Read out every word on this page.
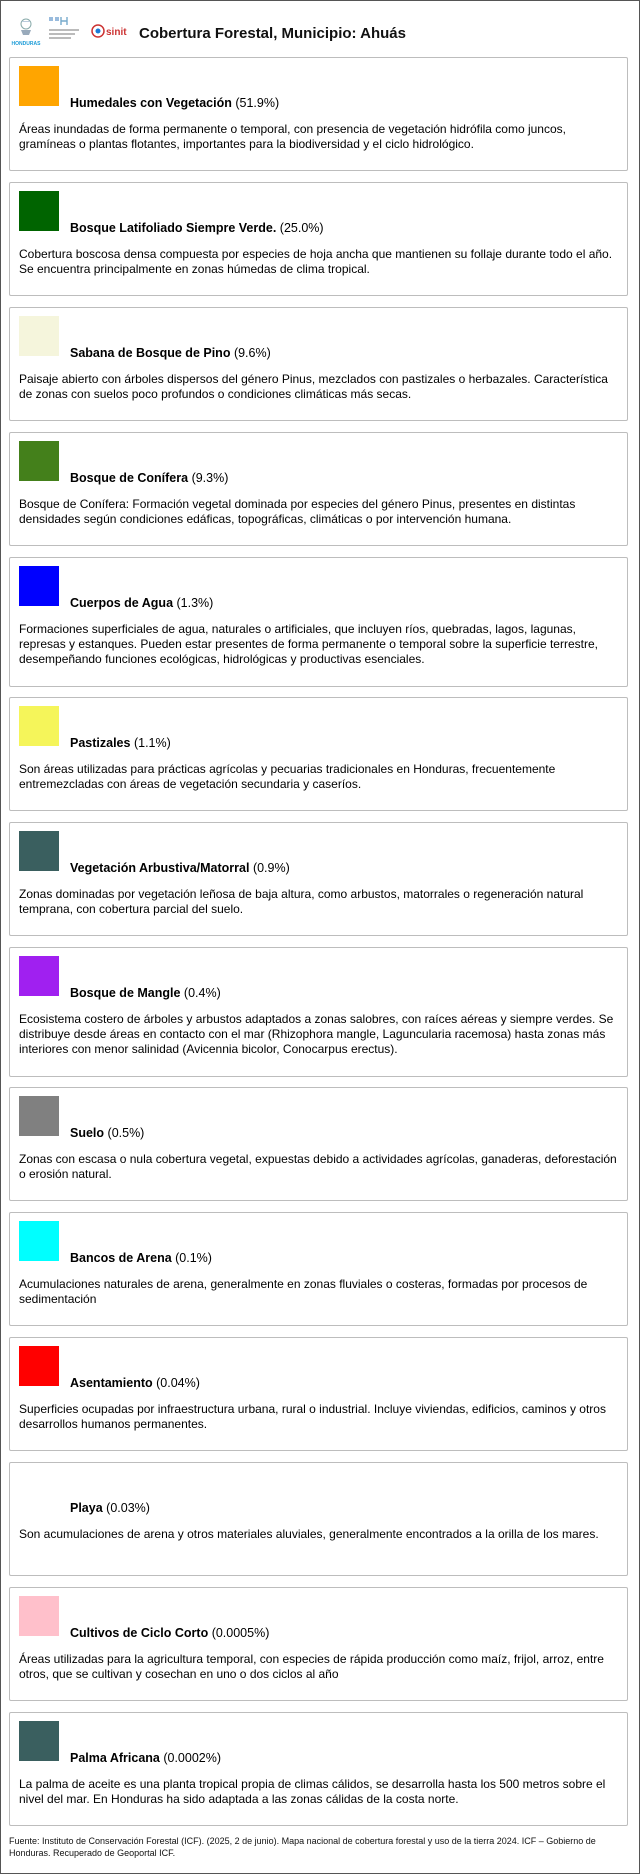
HONDURAS
sinit Cobertura Forestal, Municipio: Ahuás
Humedales con Vegetación (51.9%)
Áreas inundadas de forma permanente o temporal, con presencia de vegetación hidrófila como juncos, gramíneas o plantas flotantes, importantes para la biodiversidad y el ciclo hidrológico.
Bosque Latifoliado Siempre Verde. (25.0%)
Cobertura boscosa densa compuesta por especies de hoja ancha que mantienen su follaje durante todo el año. Se encuentra principalmente en zonas húmedas de clima tropical.
Sabana de Bosque de Pino (9.6%)
Paisaje abierto con árboles dispersos del género Pinus, mezclados con pastizales o herbazales. Característica de zonas con suelos poco profundos o condiciones climáticas más secas.
Bosque de Conífera (9.3%)
Bosque de Conífera: Formación vegetal dominada por especies del género Pinus, presentes en distintas densidades según condiciones edáficas, topográficas, climáticas o por intervención humana.
Cuerpos de Agua (1.3%)
Formaciones superficiales de agua, naturales o artificiales, que incluyen ríos, quebradas, lagos, lagunas, represas y estanques. Pueden estar presentes de forma permanente o temporal sobre la superficie terrestre, desempeñando funciones ecológicas, hidrológicas y productivas esenciales.
Pastizales (1.1%)
Son áreas utilizadas para prácticas agrícolas y pecuarias tradicionales en Honduras, frecuentemente entremezcladas con áreas de vegetación secundaria y caseríos.
Vegetación Arbustiva/Matorral (0.9%)
Zonas dominadas por vegetación leñosa de baja altura, como arbustos, matorrales o regeneración natural temprana, con cobertura parcial del suelo.
Bosque de Mangle (0.4%)
Ecosistema costero de árboles y arbustos adaptados a zonas salobres, con raíces aéreas y siempre verdes. Se distribuye desde áreas en contacto con el mar (Rhizophora mangle, Laguncularia racemosa) hasta zonas más interiores con menor salinidad (Avicennia bicolor, Conocarpus erectus).
Suelo (0.5%)
Zonas con escasa o nula cobertura vegetal, expuestas debido a actividades agrícolas, ganaderas, deforestación o erosión natural.
Bancos de Arena (0.1%)
Acumulaciones naturales de arena, generalmente en zonas fluviales o costeras, formadas por procesos de sedimentación
Asentamiento (0.04%)
Superficies ocupadas por infraestructura urbana, rural o industrial. Incluye viviendas, edificios, caminos y otros desarrollos humanos permanentes.
Playa (0.03%)
Son acumulaciones de arena y otros materiales aluviales, generalmente encontrados a la orilla de los mares.
Cultivos de Ciclo Corto (0.0005%)
Áreas utilizadas para la agricultura temporal, con especies de rápida producción como maíz, frijol, arroz, entre otros, que se cultivan y cosechan en uno o dos ciclos al año
Palma Africana (0.0002%)
La palma de aceite es una planta tropical propia de climas cálidos, se desarrolla hasta los 500 metros sobre el nivel del mar. En Honduras ha sido adaptada a las zonas cálidas de la costa norte.
Fuente: Instituto de Conservación Forestal (ICF). (2025, 2 de junio). Mapa nacional de cobertura forestal y uso de la tierra 2024. ICF – Gobierno de Honduras. Recuperado de Geoportal ICF.
